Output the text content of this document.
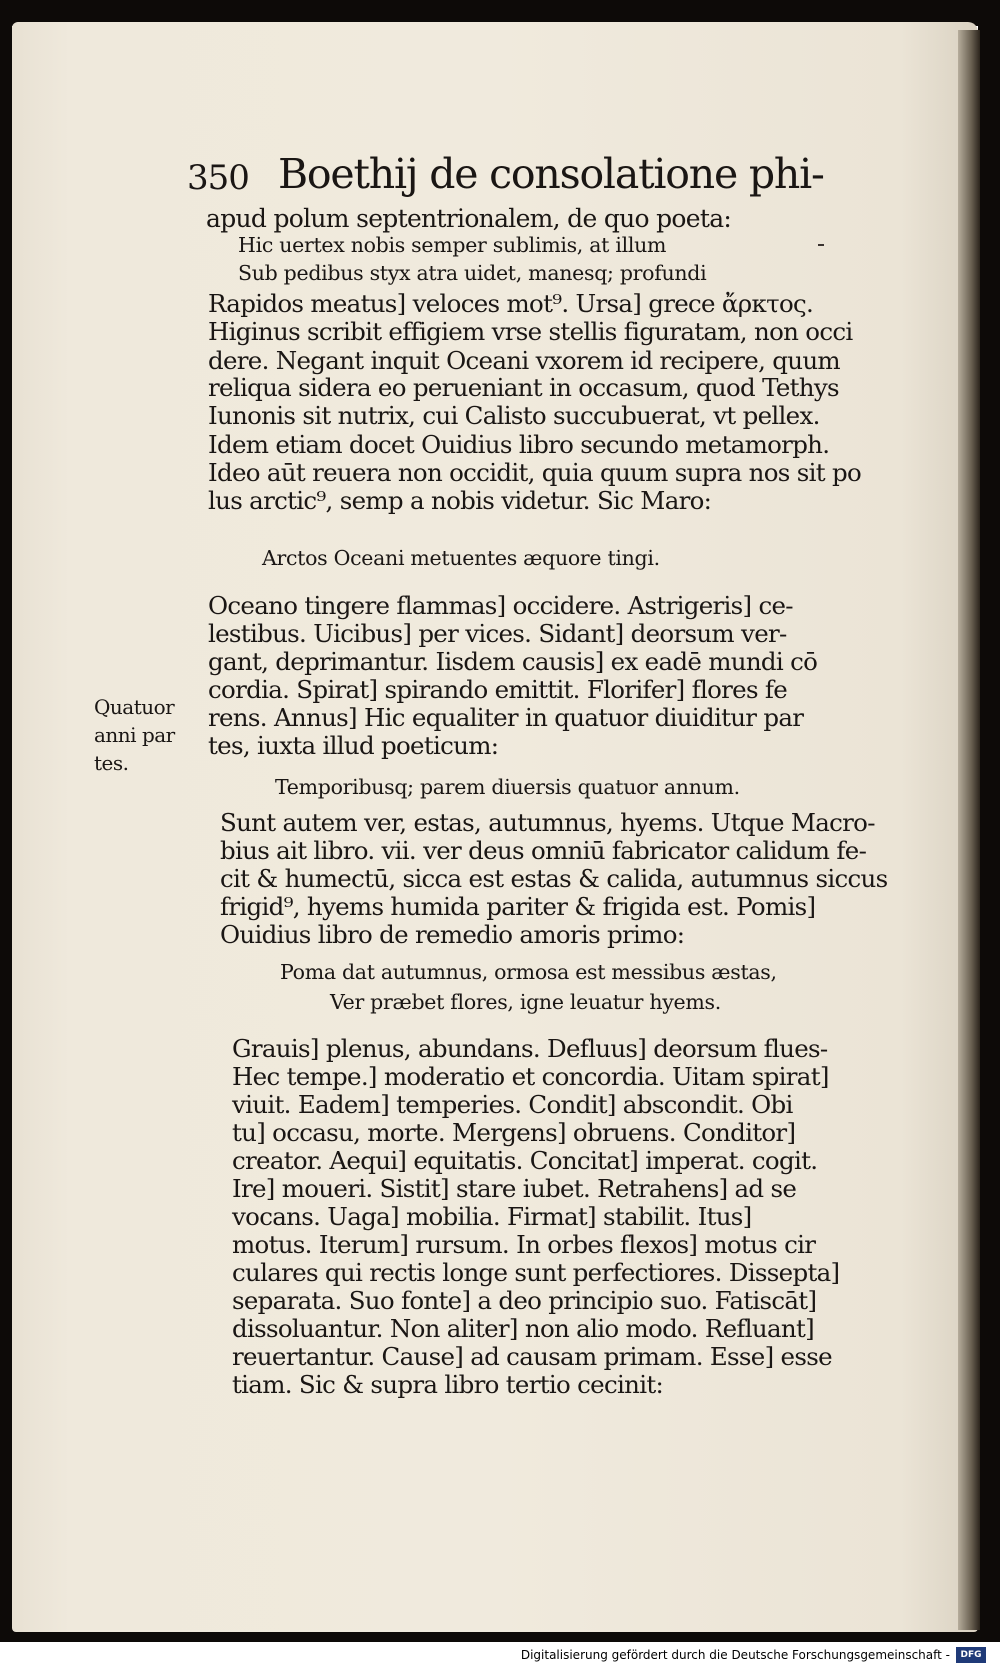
350 Boethij de consolatione phi-
Quatuor
anni par
tes.
apud polum septentrionalem, de quo poeta:
Hic uertex nobis semper sublimis, at illum
Sub pedibus styx atra uidet, manesq; profundi
Rapidos meatus] veloces mot⁹. Ursa] grece ἄρκτος.
Higinus scribit effigiem vrse stellis figuratam, non occi
dere. Negant inquit Oceani vxorem id recipere, quum
reliqua sidera eo perueniant in occasum, quod Tethys
Iunonis sit nutrix, cui Calisto succubuerat, vt pellex.
Idem etiam docet Ouidius libro secundo metamorph.
Ideo aūt reuera non occidit, quia quum supra nos sit po
lus arctic⁹, semp a nobis videtur. Sic Maro:
Arctos Oceani metuentes æquore tingi.
Oceano tingere flammas] occidere. Astrigeris] ce-
lestibus. Uicibus] per vices. Sidant] deorsum ver-
gant, deprimantur. Iisdem causis] ex eadē mundi cō
cordia. Spirat] spirando emittit. Florifer] flores fe
rens. Annus] Hic equaliter in quatuor diuiditur par
tes, iuxta illud poeticum:
Temporibusq; parem diuersis quatuor annum.
Sunt autem ver, estas, autumnus, hyems. Utque Macro-
bius ait libro. vii. ver deus omniū fabricator calidum fe-
cit & humectū, sicca est estas & calida, autumnus siccus
frigid⁹, hyems humida pariter & frigida est. Pomis]
Ouidius libro de remedio amoris primo:
Poma dat autumnus, ormosa est messibus æstas,
Ver præbet flores, igne leuatur hyems.
Grauis] plenus, abundans. Defluus] deorsum flues-
Hec tempe.] moderatio et concordia. Uitam spirat]
viuit. Eadem] temperies. Condit] abscondit. Obi
tu] occasu, morte. Mergens] obruens. Conditor]
creator. Aequi] equitatis. Concitat] imperat. cogit.
Ire] moueri. Sistit] stare iubet. Retrahens] ad se
vocans. Uaga] mobilia. Firmat] stabilit. Itus]
motus. Iterum] rursum. In orbes flexos] motus cir
culares qui rectis longe sunt perfectiores. Dissepta]
separata. Suo fonte] a deo principio suo. Fatiscāt]
dissoluantur. Non aliter] non alio modo. Refluant]
reuertantur. Cause] ad causam primam. Esse] esse
tiam. Sic & supra libro tertio cecinit:
Digitalisierung gefördert durch die Deutsche Forschungsgemeinschaft -	DFG
